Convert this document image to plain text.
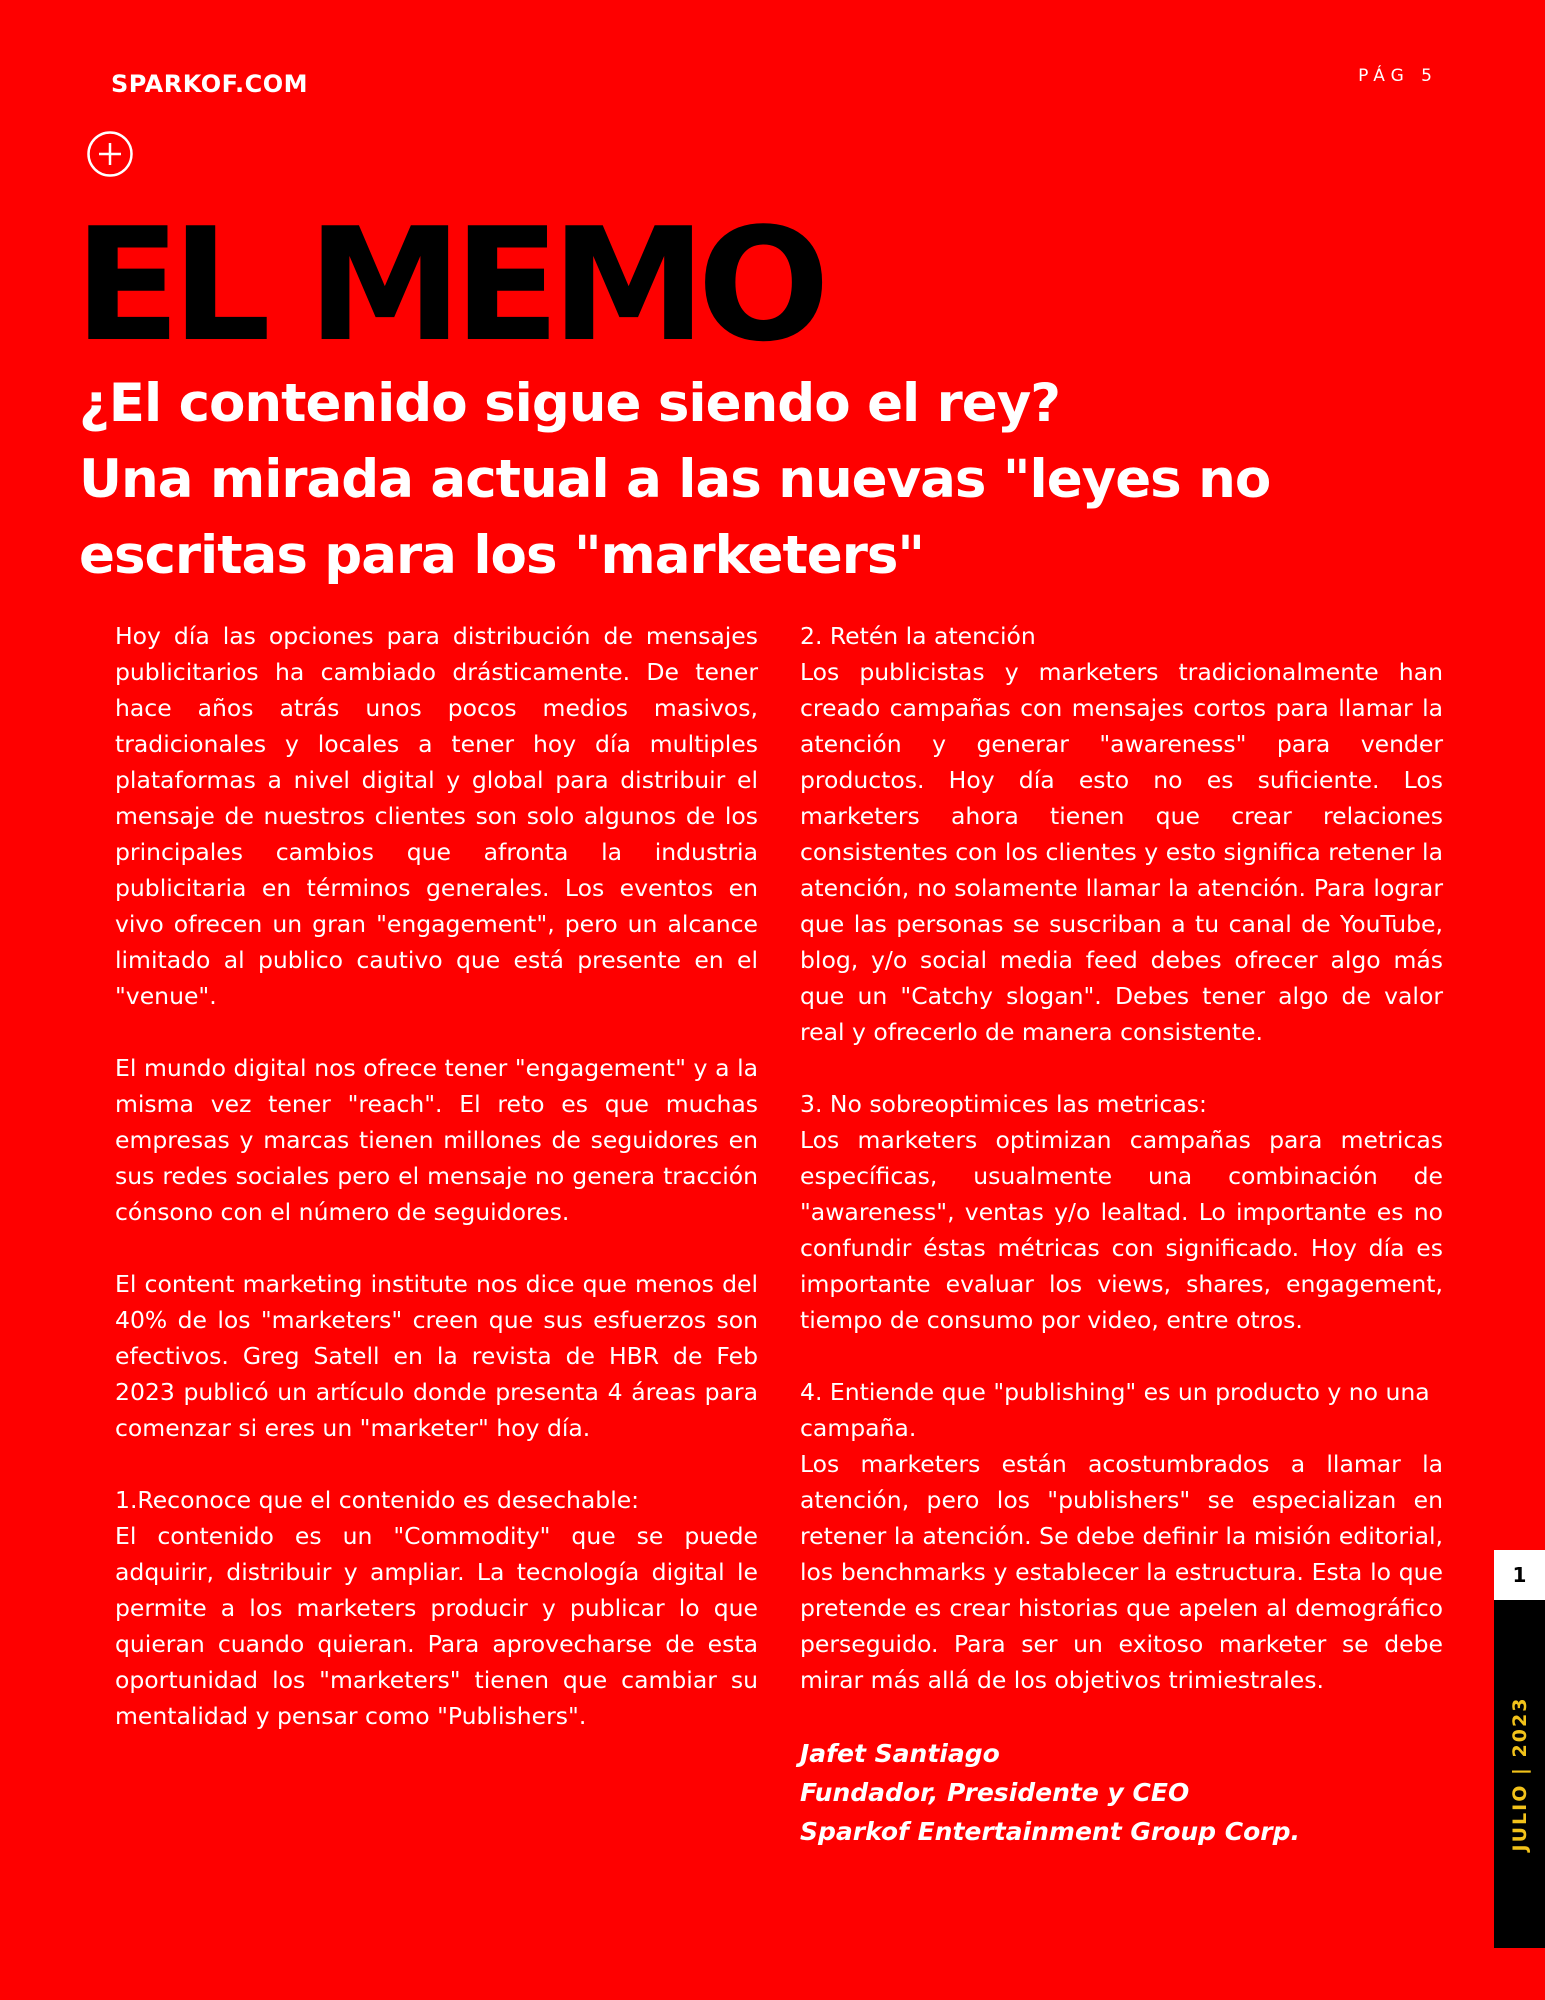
SPARKOF.COM	PÁG 5
EL MEMO
¿El contenido sigue siendo el rey?
Una mirada actual a las nuevas "leyes no
escritas para los "marketers"

Hoy día las opciones para distribución de mensajes publicitarios ha cambiado drásticamente. De tener hace años atrás unos pocos medios masivos, tradicionales y locales a tener hoy día multiples plataformas a nivel digital y global para distribuir el mensaje de nuestros clientes son solo algunos de los principales cambios que afronta la industria publicitaria en términos generales. Los eventos en vivo ofrecen un gran "engagement", pero un alcance limitado al publico cautivo que está presente en el "venue".

El mundo digital nos ofrece tener "engagement" y a la misma vez tener "reach". El reto es que muchas empresas y marcas tienen millones de seguidores en sus redes sociales pero el mensaje no genera tracción cónsono con el número de seguidores.

El content marketing institute nos dice que menos del 40% de los "marketers" creen que sus esfuerzos son efectivos. Greg Satell en la revista de HBR de Feb 2023 publicó un artículo donde presenta 4 áreas para comenzar si eres un "marketer" hoy día.

1.Reconoce que el contenido es desechable:
El contenido es un "Commodity" que se puede adquirir, distribuir y ampliar. La tecnología digital le permite a los marketers producir y publicar lo que quieran cuando quieran. Para aprovecharse de esta oportunidad los "marketers" tienen que cambiar su mentalidad y pensar como "Publishers".

2. Retén la atención
Los publicistas y marketers tradicionalmente han creado campañas con mensajes cortos para llamar la atención y generar "awareness" para vender productos. Hoy día esto no es suficiente. Los marketers ahora tienen que crear relaciones consistentes con los clientes y esto significa retener la atención, no solamente llamar la atención. Para lograr que las personas se suscriban a tu canal de YouTube, blog, y/o social media feed debes ofrecer algo más que un "Catchy slogan". Debes tener algo de valor real y ofrecerlo de manera consistente.

3. No sobreoptimices las metricas:
Los marketers optimizan campañas para metricas específicas, usualmente una combinación de "awareness", ventas y/o lealtad. Lo importante es no confundir éstas métricas con significado. Hoy día es importante evaluar los views, shares, engagement, tiempo de consumo por video, entre otros.

4. Entiende que "publishing" es un producto y no una campaña.
Los marketers están acostumbrados a llamar la atención, pero los "publishers" se especializan en retener la atención. Se debe definir la misión editorial, los benchmarks y establecer la estructura. Esta lo que pretende es crear historias que apelen al demográfico perseguido. Para ser un exitoso marketer se debe mirar más allá de los objetivos trimiestrales.

Jafet Santiago
Fundador, Presidente y CEO
Sparkof Entertainment Group Corp.
1
JULIO | 2023
